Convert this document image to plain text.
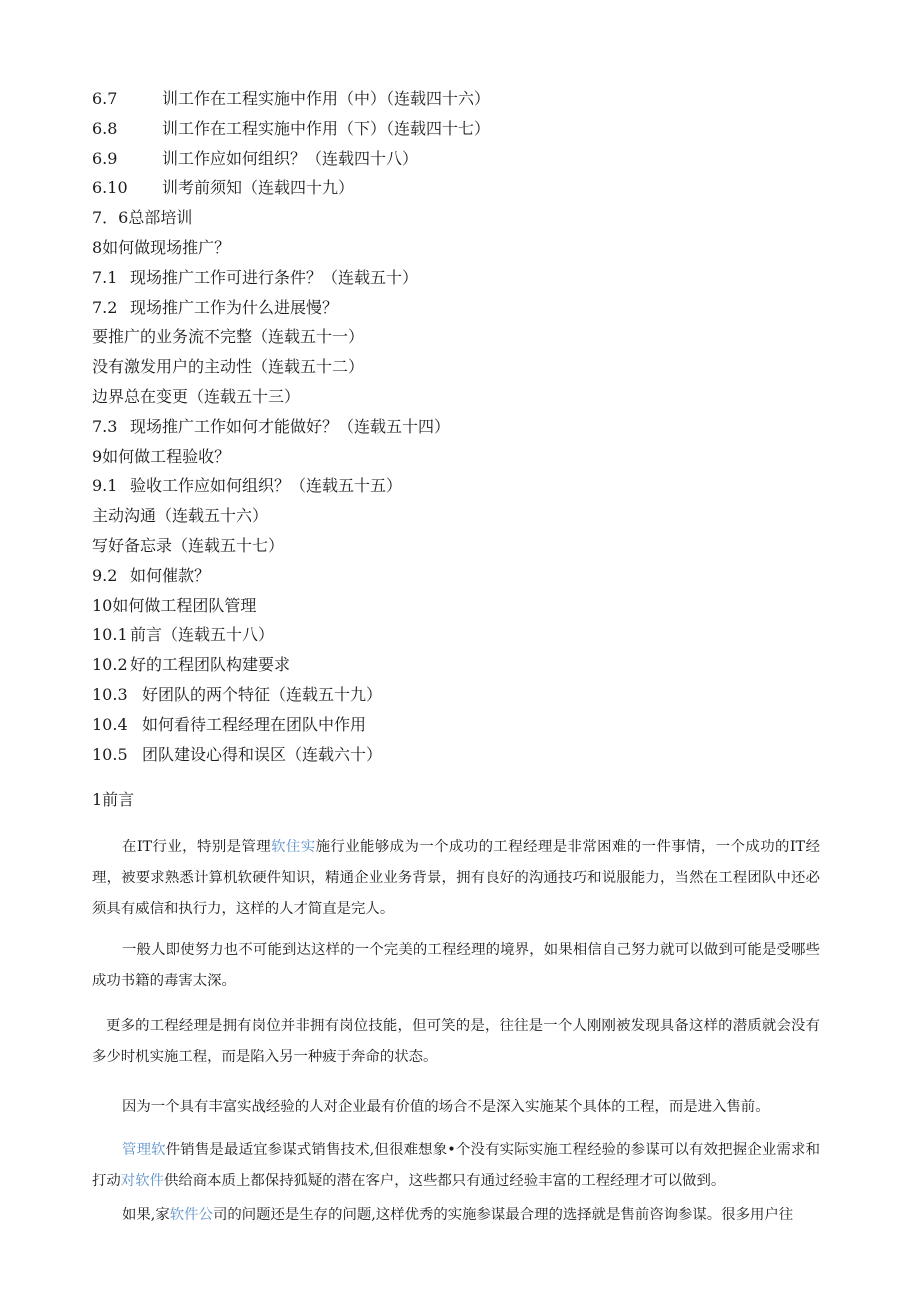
6.7	训工作在工程实施中作用（中）（连载四十六）
6.8	训工作在工程实施中作用（下）（连载四十七）
6.9	训工作应如何组织？（连载四十八）
6.10 训考前须知（连载四十九）
7．6总部培训
8如何做现场推广？
7.1 现场推广工作可进行条件？（连载五十）
7.2 现场推广工作为什么进展慢？
要推广的业务流不完整（连载五十一）
没有激发用户的主动性（连载五十二）
边界总在变更（连载五十三）
7.3 现场推广工作如何才能做好？（连载五十四）
9如何做工程验收？
9.1 验收工作应如何组织？（连载五十五）
主动沟通（连载五十六）
写好备忘录（连载五十七）
9.2 如何催款？
10如何做工程团队管理
10.1 前言（连载五十八）
10.2 好的工程团队构建要求
10.3 好团队的两个特征（连载五十九）
10.4 如何看待工程经理在团队中作用
10.5 团队建设心得和误区（连载六十）
1前言

在IT行业，特别是管理软住实施行业能够成为一个成功的工程经理是非常困难的一件事情，一个成功的IT经理，被要求熟悉计算机软硬件知识，精通企业业务背景，拥有良好的沟通技巧和说服能力，当然在工程团队中还必须具有威信和执行力，这样的人才简直是完人。

一般人即使努力也不可能到达这样的一个完美的工程经理的境界，如果相信自己努力就可以做到可能是受哪些成功书籍的毒害太深。

更多的工程经理是拥有岗位并非拥有岗位技能，但可笑的是，往往是一个人刚刚被发现具备这样的潜质就会没有多少时机实施工程，而是陷入另一种疲于奔命的状态。

因为一个具有丰富实战经验的人对企业最有价值的场合不是深入实施某个具体的工程，而是进入售前。

管理软件销售是最适宜参谋式销售技术,但很难想象•个没有实际实施工程经验的参谋可以有效把握企业需求和打动对软件供给商本质上都保持狐疑的潜在客户，这些都只有通过经验丰富的工程经理才可以做到。

如果,家软件公司的问题还是生存的问题,这样优秀的实施参谋最合理的选择就是售前咨询参谋。很多用户往
